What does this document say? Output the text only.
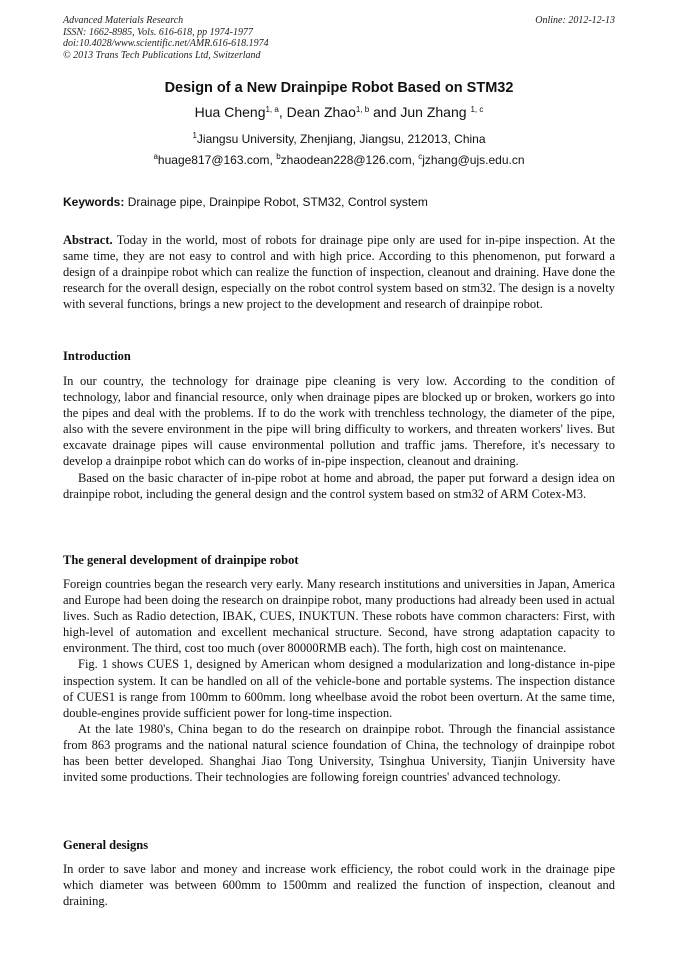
Advanced Materials Research
ISSN: 1662-8985, Vols. 616-618, pp 1974-1977
doi:10.4028/www.scientific.net/AMR.616-618.1974
© 2013 Trans Tech Publications Ltd, Switzerland
Online: 2012-12-13
Design of a New Drainpipe Robot Based on STM32
Hua Cheng$^{1, a}$, Dean Zhao$^{1, b}$ and Jun Zhang $^{1, c}$
$^1$Jiangsu University, Zhenjiang, Jiangsu, 212013, China
$^a$huage817@163.com, $^b$zhaodean228@126.com, $^c$jzhang@ujs.edu.cn
Keywords: Drainage pipe, Drainpipe Robot, STM32, Control system

Abstract. Today in the world, most of robots for drainage pipe only are used for in-pipe inspection. At the same time, they are not easy to control and with high price. According to this phenomenon, put forward a design of a drainpipe robot which can realize the function of inspection, cleanout and draining. Have done the research for the overall design, especially on the robot control system based on stm32. The design is a novelty with several functions, brings a new project to the development and research of drainpipe robot.

Introduction

In our country, the technology for drainage pipe cleaning is very low. According to the condition of technology, labor and financial resource, only when drainage pipes are blocked up or broken, workers go into the pipes and deal with the problems. If to do the work with trenchless technology, the diameter of the pipe, also with the severe environment in the pipe will bring difficulty to workers, and threaten workers' lives. But excavate drainage pipes will cause environmental pollution and traffic jams. Therefore, it's necessary to develop a drainpipe robot which can do works of in-pipe inspection, cleanout and draining.

Based on the basic character of in-pipe robot at home and abroad, the paper put forward a design idea on drainpipe robot, including the general design and the control system based on stm32 of ARM Cotex-M3.

The general development of drainpipe robot

Foreign countries began the research very early. Many research institutions and universities in Japan, America and Europe had been doing the research on drainpipe robot, many productions had already been used in actual lives. Such as Radio detection, IBAK, CUES, INUKTUN. These robots have common characters: First, with high-level of automation and excellent mechanical structure. Second, have strong adaptation capacity to environment. The third, cost too much (over 80000RMB each). The forth, high cost on maintenance.

Fig. 1 shows CUES 1, designed by American whom designed a modularization and long-distance in-pipe inspection system. It can be handled on all of the vehicle-bone and portable systems. The inspection distance of CUES1 is range from 100mm to 600mm. long wheelbase avoid the robot been overturn. At the same time, double-engines provide sufficient power for long-time inspection.

At the late 1980's, China began to do the research on drainpipe robot. Through the financial assistance from 863 programs and the national natural science foundation of China, the technology of drainpipe robot has been better developed. Shanghai Jiao Tong University, Tsinghua University, Tianjin University have invited some productions. Their technologies are following foreign countries' advanced technology.

General designs

In order to save labor and money and increase work efficiency, the robot could work in the drainage pipe which diameter was between 600mm to 1500mm and realized the function of inspection, cleanout and draining.
